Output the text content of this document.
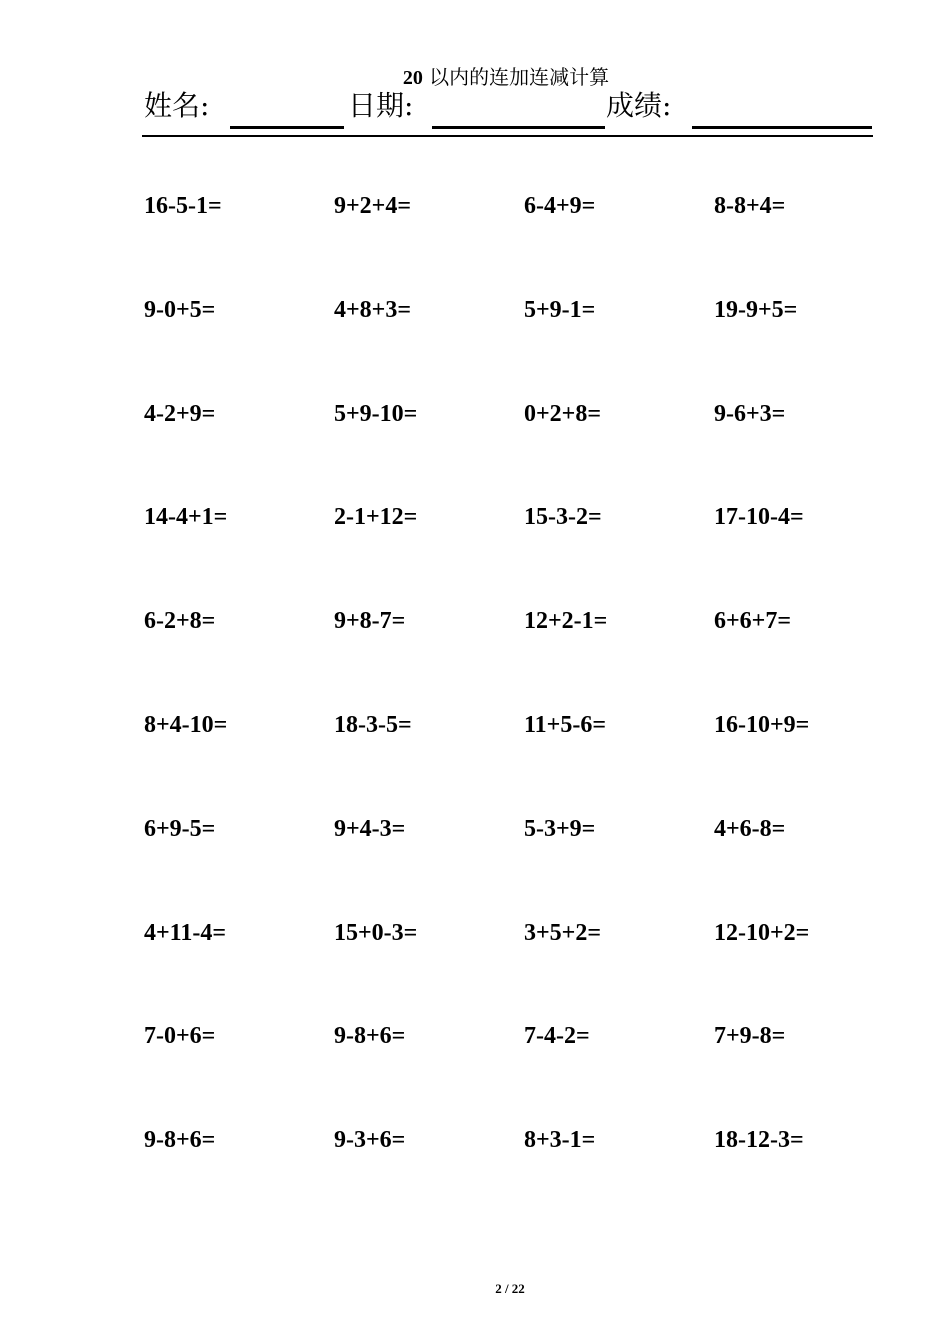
20 以内的连加连减计算
姓名:	日期:	成绩:
16-5-1=	9+2+4=	6-4+9=	8-8+4=
9-0+5=	4+8+3=	5+9-1=	19-9+5=
4-2+9=	5+9-10=	0+2+8=	9-6+3=
14-4+1=	2-1+12=	15-3-2=	17-10-4=
6-2+8=	9+8-7=	12+2-1=	6+6+7=
8+4-10=	18-3-5=	11+5-6=	16-10+9=
6+9-5=	9+4-3=	5-3+9=	4+6-8=
4+11-4=	15+0-3=	3+5+2=	12-10+2=
7-0+6=	9-8+6=	7-4-2=	7+9-8=
9-8+6=	9-3+6=	8+3-1=	18-12-3=
2 / 22
